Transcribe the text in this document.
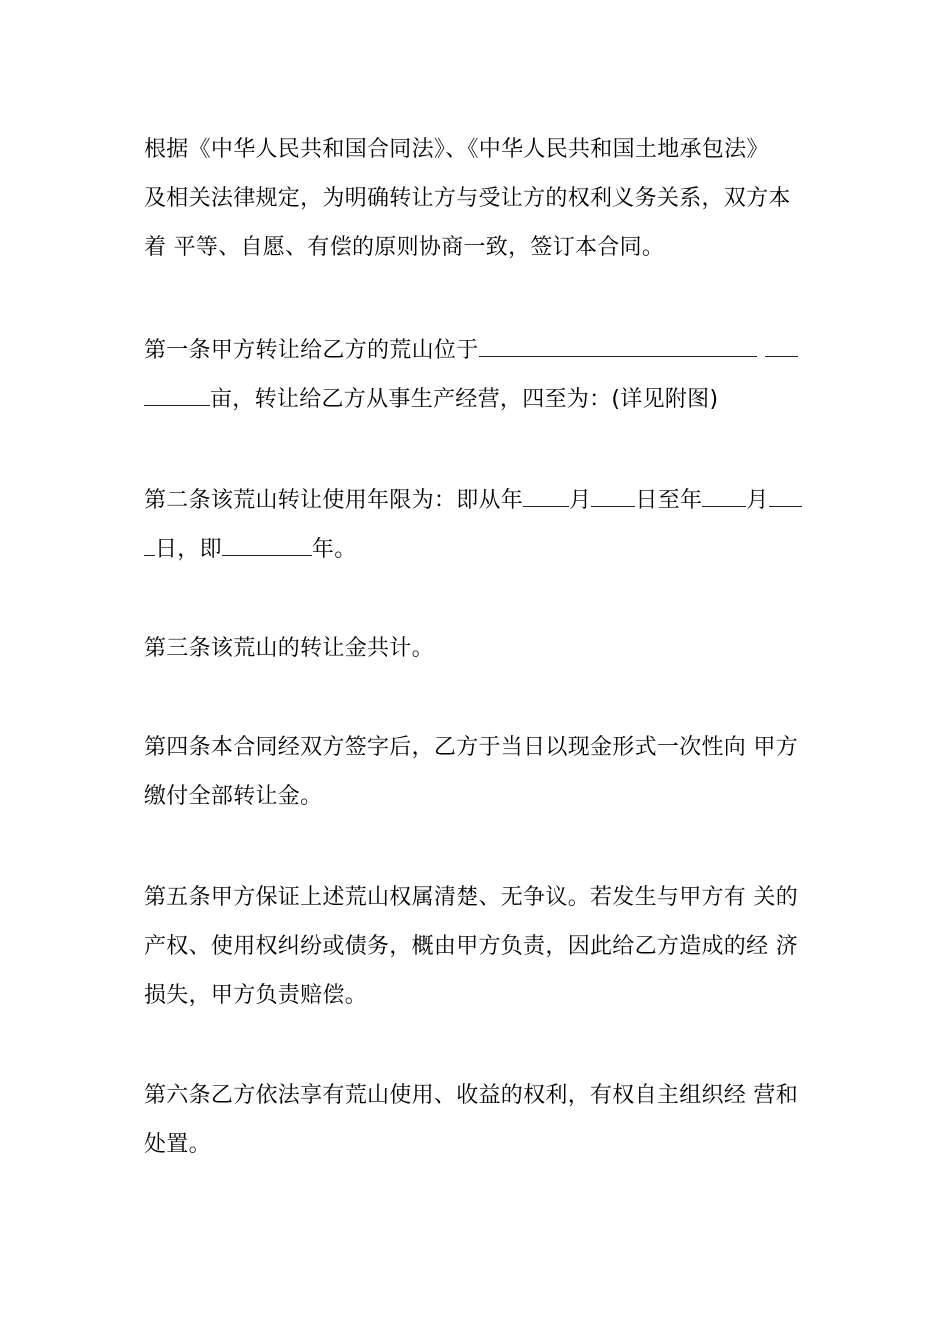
根据《中华人民共和国合同法》、《中华人民共和国土地承包法》
及相关法律规定，为明确转让方与受让方的权利义务关系，双方本
着 平等、自愿、有偿的原则协商一致，签订本合同。
第一条甲方转让给乙方的荒山位于
亩，转让给乙方从事生产经营，四至为：(详见附图)
第二条该荒山转让使用年限为：即从年 月 日至年 月
日，即	年。
第三条该荒山的转让金共计。
第四条本合同经双方签字后，乙方于当日以现金形式一次性向 甲方
缴付全部转让金。
第五条甲方保证上述荒山权属清楚、无争议。若发生与甲方有 关的
产权、使用权纠纷或债务，概由甲方负责，因此给乙方造成的经 济
损失，甲方负责赔偿。
第六条乙方依法享有荒山使用、收益的权利，有权自主组织经 营和
处置。
